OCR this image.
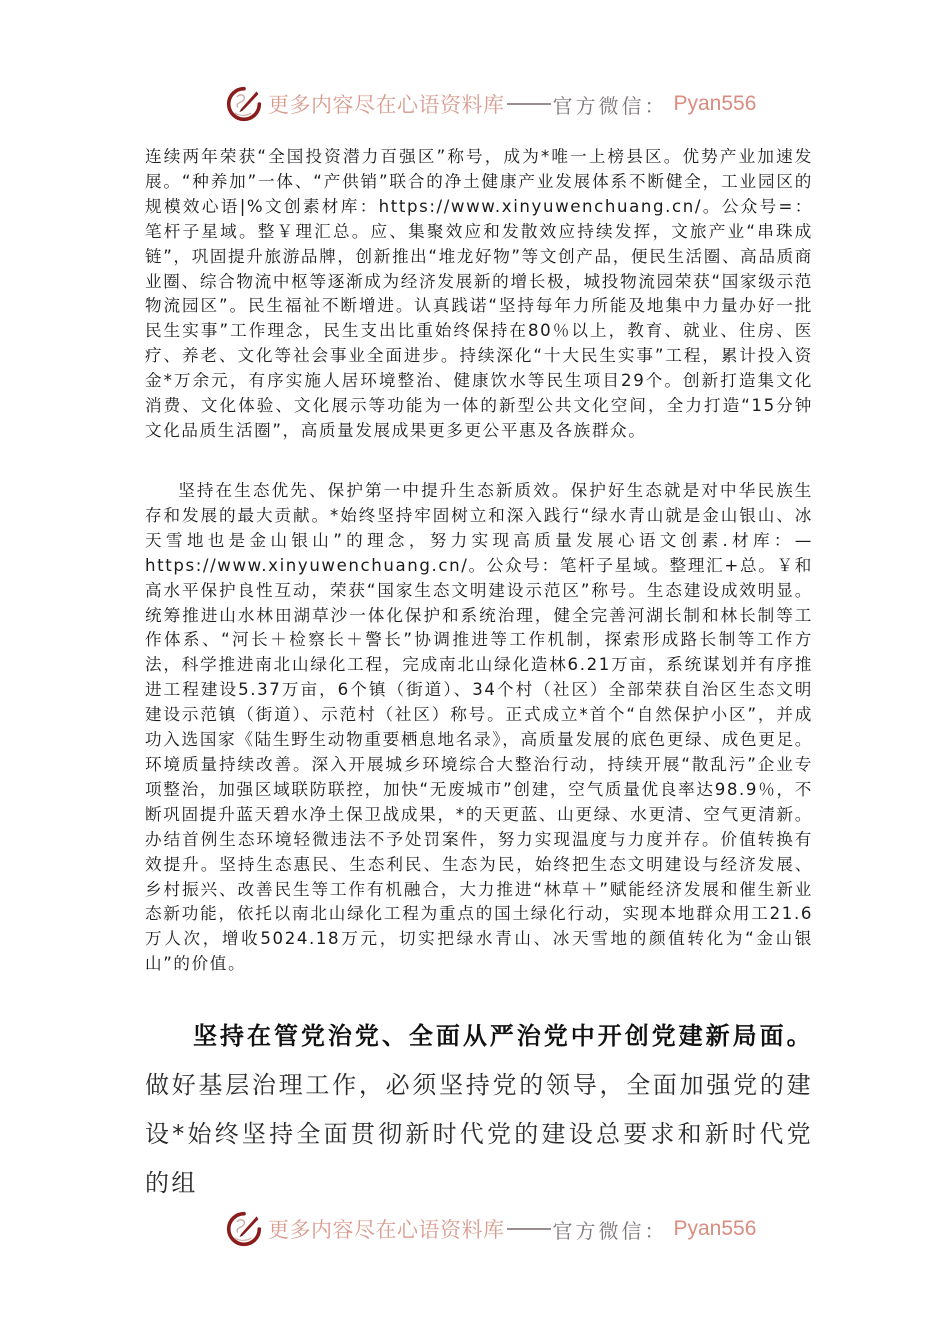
更多内容尽在心语资料库 官方微信： Pyan556
连续两年荣获“全国投资潜力百强区”称号，成为*唯一上榜县区。优势产业加速发展。“种养加”一体、“产供销”联合的净土健康产业发展体系不断健全，工业园区的规模效心语|%文创素材库：https://www.xinyuwenchuang.cn/。公众号=：笔杆子星域。整￥理汇总。应、集聚效应和发散效应持续发挥，文旅产业“串珠成链”，巩固提升旅游品牌，创新推出“堆龙好物”等文创产品，便民生活圈、高品质商业圈、综合物流中枢等逐渐成为经济发展新的增长极，城投物流园荣获“国家级示范物流园区”。民生福祉不断增进。认真践诺“坚持每年力所能及地集中力量办好一批民生实事”工作理念，民生支出比重始终保持在80％以上，教育、就业、住房、医疗、养老、文化等社会事业全面进步。持续深化“十大民生实事”工程，累计投入资金*万余元，有序实施人居环境整治、健康饮水等民生项目29个。创新打造集文化消费、文化体验、文化展示等功能为一体的新型公共文化空间，全力打造“15分钟文化品质生活圈”，高质量发展成果更多更公平惠及各族群众。
坚持在生态优先、保护第一中提升生态新质效。保护好生态就是对中华民族生存和发展的最大贡献。*始终坚持牢固树立和深入践行“绿水青山就是金山银山、冰天雪地也是金山银山”的理念，努力实现高质量发展心语文创素.材库：—https://www.xinyuwenchuang.cn/。公众号：笔杆子星域。整理汇+总。￥和高水平保护良性互动，荣获“国家生态文明建设示范区”称号。生态建设成效明显。统筹推进山水林田湖草沙一体化保护和系统治理，健全完善河湖长制和林长制等工作体系、“河长＋检察长＋警长”协调推进等工作机制，探索形成路长制等工作方法，科学推进南北山绿化工程，完成南北山绿化造林6.21万亩，系统谋划并有序推进工程建设5.37万亩，6个镇（街道）、34个村（社区）全部荣获自治区生态文明建设示范镇（街道）、示范村（社区）称号。正式成立*首个“自然保护小区”，并成功入选国家《陆生野生动物重要栖息地名录》，高质量发展的底色更绿、成色更足。环境质量持续改善。深入开展城乡环境综合大整治行动，持续开展“散乱污”企业专项整治，加强区域联防联控，加快“无废城市”创建，空气质量优良率达98.9％，不断巩固提升蓝天碧水净土保卫战成果，*的天更蓝、山更绿、水更清、空气更清新。办结首例生态环境轻微违法不予处罚案件，努力实现温度与力度并存。价值转换有效提升。坚持生态惠民、生态利民、生态为民，始终把生态文明建设与经济发展、乡村振兴、改善民生等工作有机融合，大力推进“林草＋”赋能经济发展和催生新业态新功能，依托以南北山绿化工程为重点的国土绿化行动，实现本地群众用工21.6万人次，增收5024.18万元，切实把绿水青山、冰天雪地的颜值转化为“金山银山”的价值。
坚持在管党治党、全面从严治党中开创党建新局面。做好基层治理工作，必须坚持党的领导，全面加强党的建设*始终坚持全面贯彻新时代党的建设总要求和新时代党的组
更多内容尽在心语资料库 官方微信： Pyan556
